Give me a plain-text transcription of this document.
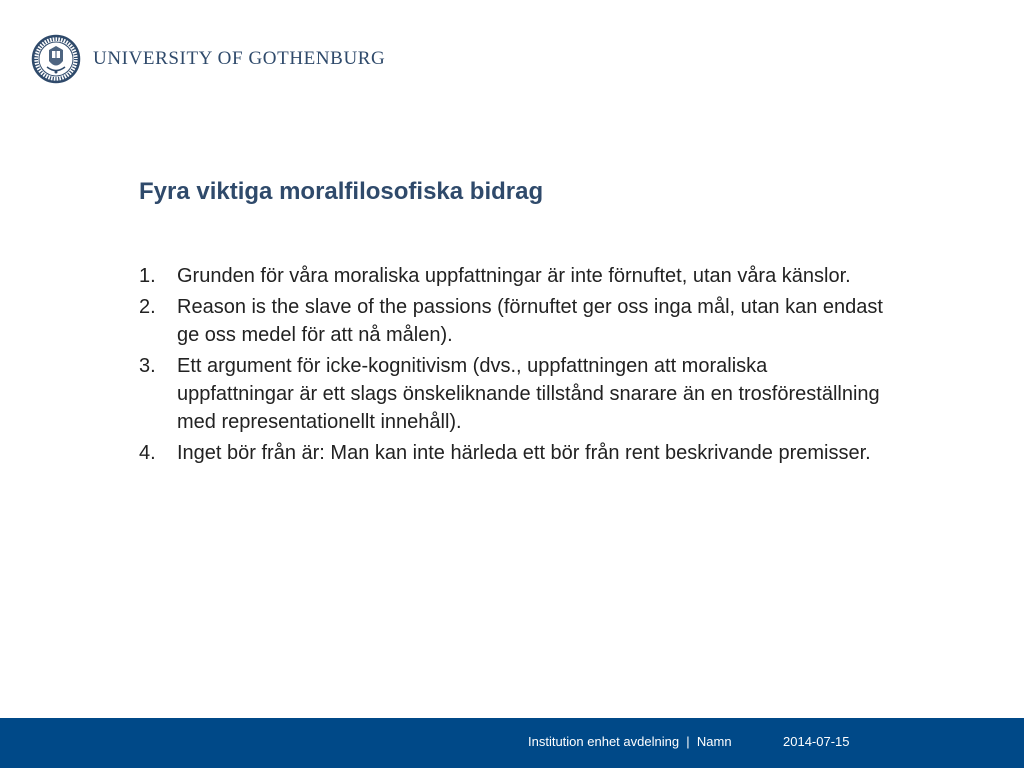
UNIVERSITY OF GOTHENBURG
Fyra viktiga moralfilosofiska bidrag
1.	Grunden för våra moraliska uppfattningar är inte förnuftet, utan våra känslor.
2.	Reason is the slave of the passions (förnuftet ger oss inga mål, utan kan endast ge oss medel för att nå målen).
3.	Ett argument för icke-kognitivism (dvs., uppfattningen att moraliska uppfattningar är ett slags önskeliknande tillstånd snarare än en trosföreställning med representationellt innehåll).
4.	Inget bör från är: Man kan inte härleda ett bör från rent beskrivande premisser.
Institution enhet avdelning  |  Namn	2014-07-15
